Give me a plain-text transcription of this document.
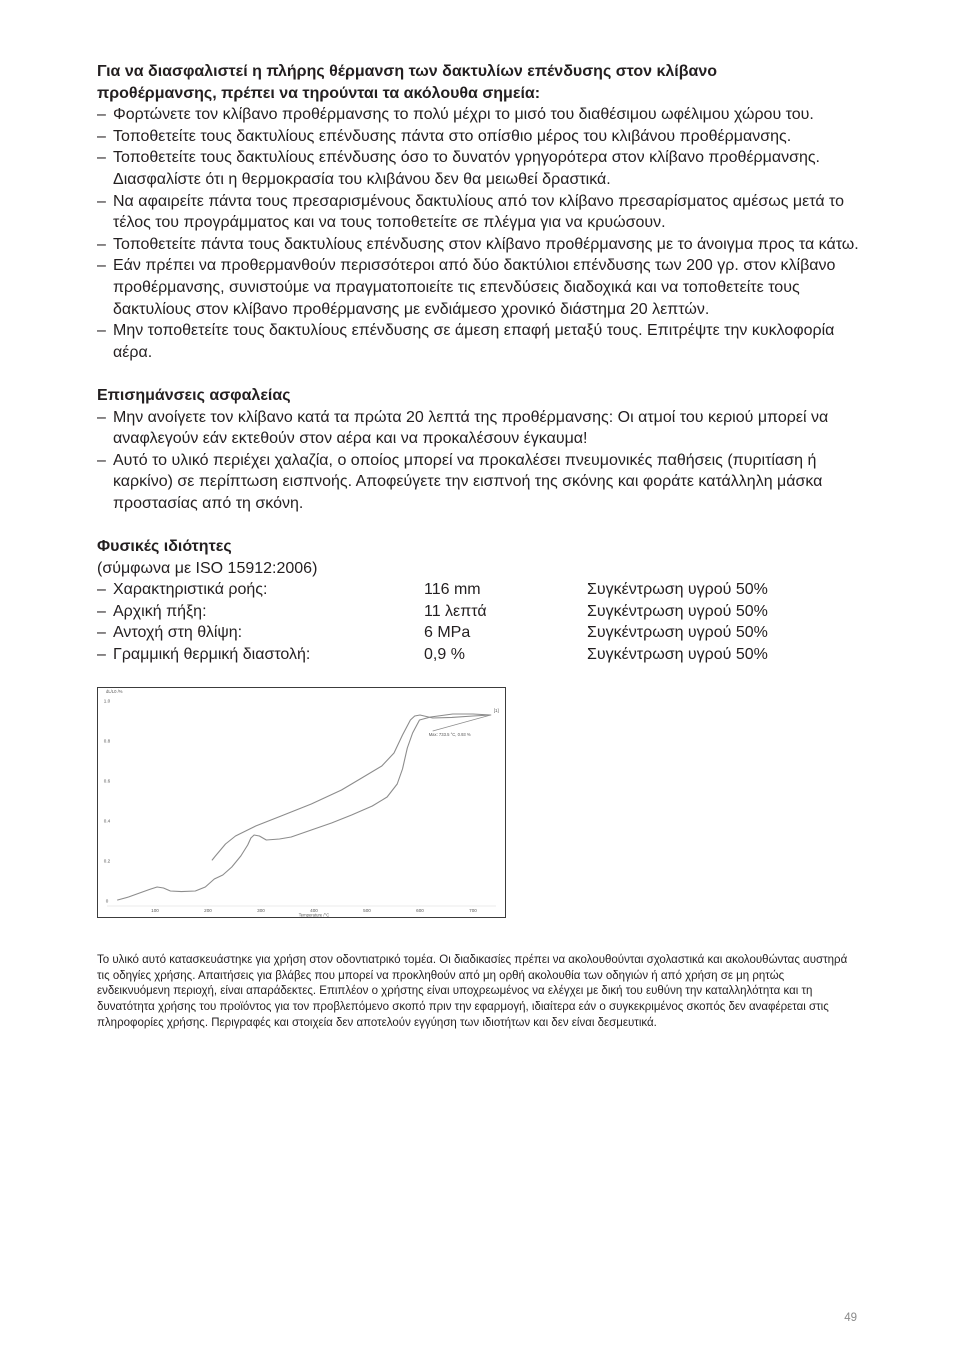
Για να διασφαλιστεί η πλήρης θέρμανση των δακτυλίων επένδυσης στον κλίβανο προθέρμανσης, πρέπει να τηρούνται τα ακόλουθα σημεία:
– Φορτώνετε τον κλίβανο προθέρμανσης το πολύ μέχρι το μισό του διαθέσιμου ωφέλιμου χώρου του.
– Τοποθετείτε τους δακτυλίους επένδυσης πάντα στο οπίσθιο μέρος του κλιβάνου προθέρμανσης.
– Τοποθετείτε τους δακτυλίους επένδυσης όσο το δυνατόν γρηγορότερα στον κλίβανο προθέρμανσης. Διασφαλίστε ότι η θερμοκρασία του κλιβάνου δεν θα μειωθεί δραστικά.
– Να αφαιρείτε πάντα τους πρεσαρισμένους δακτυλίους από τον κλίβανο πρεσαρίσματος αμέσως μετά το τέλος του προγράμματος και να τους τοποθετείτε σε πλέγμα για να κρυώσουν.
– Τοποθετείτε πάντα τους δακτυλίους επένδυσης στον κλίβανο προθέρμανσης με το άνοιγμα προς τα κάτω.
– Εάν πρέπει να προθερμανθούν περισσότεροι από δύο δακτύλιοι επένδυσης των 200 γρ. στον κλίβανο προθέρμανσης, συνιστούμε να πραγματοποιείτε τις επενδύσεις διαδοχικά και να τοποθετείτε τους δακτυλίους στον κλίβανο προθέρμανσης με ενδιάμεσο χρονικό διάστημα 20 λεπτών.
– Μην τοποθετείτε τους δακτυλίους επένδυσης σε άμεση επαφή μεταξύ τους. Επιτρέψτε την κυκλοφορία αέρα.
Επισημάνσεις ασφαλείας
– Μην ανοίγετε τον κλίβανο κατά τα πρώτα 20 λεπτά της προθέρμανσης: Οι ατμοί του κεριού μπορεί να αναφλεγούν εάν εκτεθούν στον αέρα και να προκαλέσουν έγκαυμα!
– Αυτό το υλικό περιέχει χαλαζία, ο οποίος μπορεί να προκαλέσει πνευμονικές παθήσεις (πυριτίαση ή καρκίνο) σε περίπτωση εισπνοής. Αποφεύγετε την εισπνοή της σκόνης και φοράτε κατάλληλη μάσκα προστασίας από τη σκόνη.
Φυσικές ιδιότητες
(σύμφωνα με ISO 15912:2006)
– Χαρακτηριστικά ροής:	116 mm	Συγκέντρωση υγρού 50%
– Αρχική πήξη:	11 λεπτά	Συγκέντρωση υγρού 50%
– Αντοχή στη θλίψη:	6 MPa	Συγκέντρωση υγρού 50%
– Γραμμική θερμική διαστολή:	0,9 %	Συγκέντρωση υγρού 50%
100	200	300	400	500	600	700
0
0.2
0.4
0.6
0.8
1.0
Temperature /°C
dL/L0 /%
Max: 733.5 °C, 0.93 %
[1]
Το υλικό αυτό κατασκευάστηκε για χρήση στον οδοντιατρικό τομέα. Οι διαδικασίες πρέπει να ακολουθούνται σχολαστικά και ακολουθώντας αυστηρά τις οδηγίες χρήσης. Απαιτήσεις για βλάβες που μπορεί να προκληθούν από μη ορθή ακολουθία των οδηγιών ή από χρήση σε μη ρητώς ενδεικνυόμενη περιοχή, είναι απαράδεκτες. Επιπλέον ο χρήστης είναι υποχρεωμένος να ελέγχει με δική του ευθύνη την καταλληλότητα και τη δυνατότητα χρήσης του προϊόντος για τον προβλεπόμενο σκοπό πριν την εφαρμογή, ιδιαίτερα εάν ο συγκεκριμένος σκοπός δεν αναφέρεται στις πληροφορίες χρήσης. Περιγραφές και στοιχεία δεν αποτελούν εγγύηση των ιδιοτήτων και δεν είναι δεσμευτικά.
49
